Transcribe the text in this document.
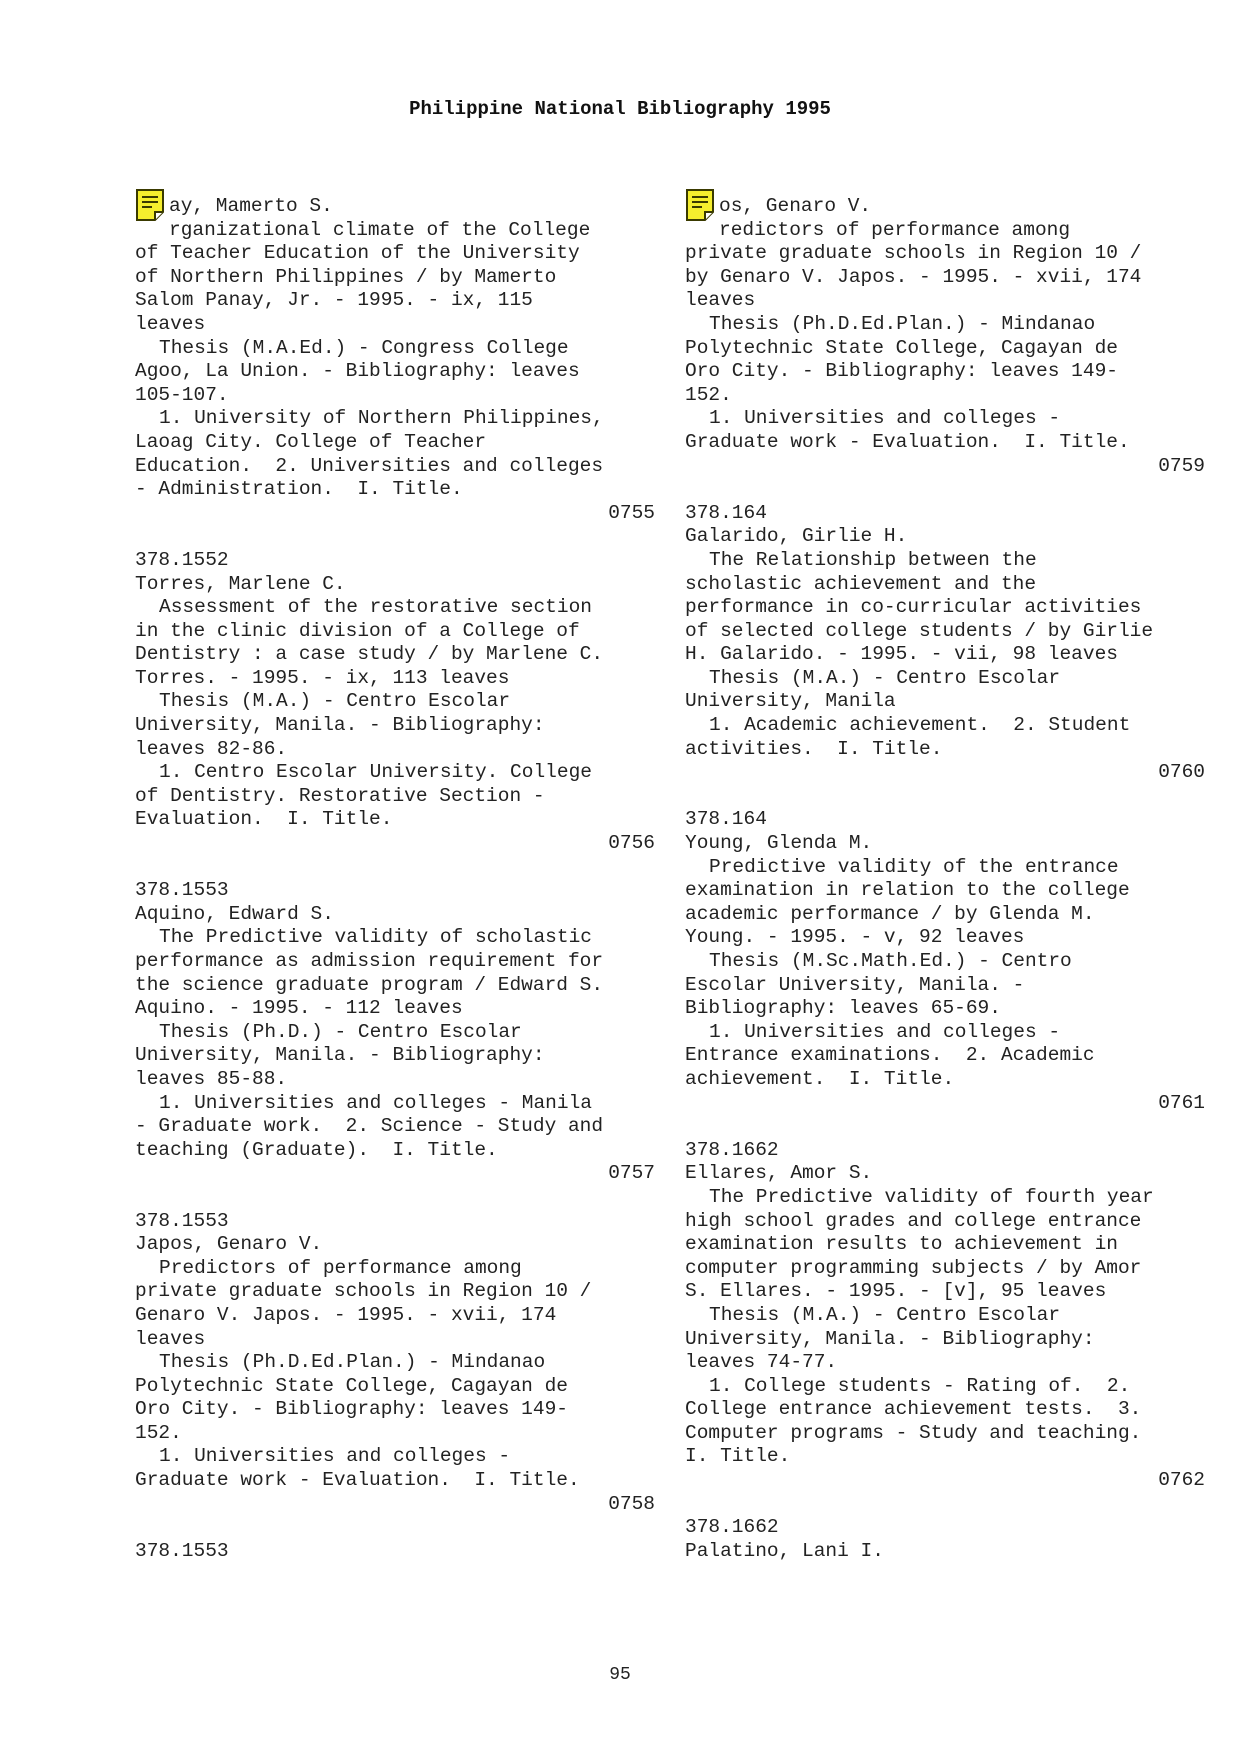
Philippine National Bibliography 1995
ay, Mamerto S.
rganizational climate of the College
of Teacher Education of the University
of Northern Philippines / by Mamerto
Salom Panay, Jr. - 1995. - ix, 115
leaves
Thesis (M.A.Ed.) - Congress College
Agoo, La Union. - Bibliography: leaves
105-107.
1. University of Northern Philippines,
Laoag City. College of Teacher
Education.  2. Universities and colleges
- Administration.  I. Title.
0755
378.1552
Torres, Marlene C.
Assessment of the restorative section
in the clinic division of a College of
Dentistry : a case study / by Marlene C.
Torres. - 1995. - ix, 113 leaves
Thesis (M.A.) - Centro Escolar
University, Manila. - Bibliography:
leaves 82-86.
1. Centro Escolar University. College
of Dentistry. Restorative Section -
Evaluation.  I. Title.
0756
378.1553
Aquino, Edward S.
The Predictive validity of scholastic
performance as admission requirement for
the science graduate program / Edward S.
Aquino. - 1995. - 112 leaves
Thesis (Ph.D.) - Centro Escolar
University, Manila. - Bibliography:
leaves 85-88.
1. Universities and colleges - Manila
- Graduate work.  2. Science - Study and
teaching (Graduate).  I. Title.
0757
378.1553
Japos, Genaro V.
Predictors of performance among
private graduate schools in Region 10 /
Genaro V. Japos. - 1995. - xvii, 174
leaves
Thesis (Ph.D.Ed.Plan.) - Mindanao
Polytechnic State College, Cagayan de
Oro City. - Bibliography: leaves 149-
152.
1. Universities and colleges -
Graduate work - Evaluation.  I. Title.
0758
378.1553
os, Genaro V.
redictors of performance among
private graduate schools in Region 10 /
by Genaro V. Japos. - 1995. - xvii, 174
leaves
Thesis (Ph.D.Ed.Plan.) - Mindanao
Polytechnic State College, Cagayan de
Oro City. - Bibliography: leaves 149-
152.
1. Universities and colleges -
Graduate work - Evaluation.  I. Title.
0759
378.164
Galarido, Girlie H.
The Relationship between the
scholastic achievement and the
performance in co-curricular activities
of selected college students / by Girlie
H. Galarido. - 1995. - vii, 98 leaves
Thesis (M.A.) - Centro Escolar
University, Manila
1. Academic achievement.  2. Student
activities.  I. Title.
0760
378.164
Young, Glenda M.
Predictive validity of the entrance
examination in relation to the college
academic performance / by Glenda M.
Young. - 1995. - v, 92 leaves
Thesis (M.Sc.Math.Ed.) - Centro
Escolar University, Manila. -
Bibliography: leaves 65-69.
1. Universities and colleges -
Entrance examinations.  2. Academic
achievement.  I. Title.
0761
378.1662
Ellares, Amor S.
The Predictive validity of fourth year
high school grades and college entrance
examination results to achievement in
computer programming subjects / by Amor
S. Ellares. - 1995. - [v], 95 leaves
Thesis (M.A.) - Centro Escolar
University, Manila. - Bibliography:
leaves 74-77.
1. College students - Rating of.  2.
College entrance achievement tests.  3.
Computer programs - Study and teaching.
I. Title.
0762
378.1662
Palatino, Lani I.
95
